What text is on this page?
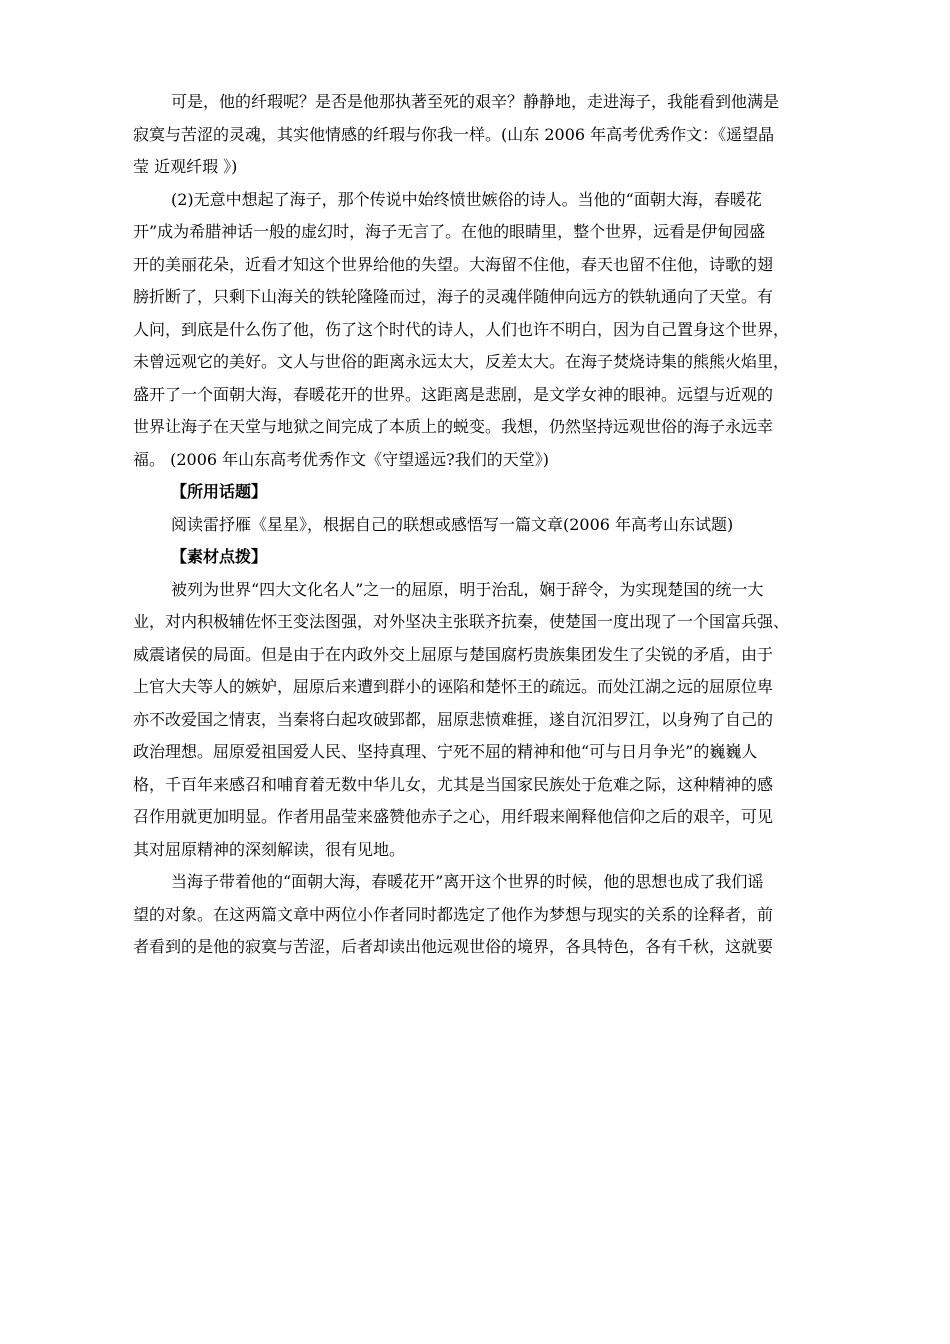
可是，他的纤瑕呢？是否是他那执著至死的艰辛？静静地，走进海子，我能看到他满是
寂寞与苦涩的灵魂，其实他情感的纤瑕与你我一样。(山东 2006 年高考优秀作文：《遥望晶
莹 近观纤瑕 》)
(2)无意中想起了海子，那个传说中始终愤世嫉俗的诗人。当他的“面朝大海，春暖花
开”成为希腊神话一般的虚幻时，海子无言了。在他的眼睛里，整个世界，远看是伊甸园盛
开的美丽花朵，近看才知这个世界给他的失望。大海留不住他，春天也留不住他，诗歌的翅
膀折断了，只剩下山海关的铁轮隆隆而过，海子的灵魂伴随伸向远方的铁轨通向了天堂。有
人问，到底是什么伤了他，伤了这个时代的诗人，人们也许不明白，因为自己置身这个世界，
未曾远观它的美好。文人与世俗的距离永远太大，反差太大。在海子焚烧诗集的熊熊火焰里，
盛开了一个面朝大海，春暖花开的世界。这距离是悲剧，是文学女神的眼神。远望与近观的
世界让海子在天堂与地狱之间完成了本质上的蜕变。我想，仍然坚持远观世俗的海子永远幸
福。 (2006 年山东高考优秀作文《守望遥远?我们的天堂》)
【所用话题】
阅读雷抒雁《星星》，根据自己的联想或感悟写一篇文章(2006 年高考山东试题)
【素材点拨】
被列为世界“四大文化名人”之一的屈原，明于治乱，娴于辞令，为实现楚国的统一大
业，对内积极辅佐怀王变法图强，对外坚决主张联齐抗秦，使楚国一度出现了一个国富兵强、
威震诸侯的局面。但是由于在内政外交上屈原与楚国腐朽贵族集团发生了尖锐的矛盾，由于
上官大夫等人的嫉妒，屈原后来遭到群小的诬陷和楚怀王的疏远。而处江湖之远的屈原位卑
亦不改爱国之情衷，当秦将白起攻破郢都，屈原悲愤难捱，遂自沉汨罗江，以身殉了自己的
政治理想。屈原爱祖国爱人民、坚持真理、宁死不屈的精神和他“可与日月争光”的巍巍人
格，千百年来感召和哺育着无数中华儿女，尤其是当国家民族处于危难之际，这种精神的感
召作用就更加明显。作者用晶莹来盛赞他赤子之心，用纤瑕来阐释他信仰之后的艰辛，可见
其对屈原精神的深刻解读，很有见地。
当海子带着他的“面朝大海，春暖花开”离开这个世界的时候，他的思想也成了我们谣
望的对象。在这两篇文章中两位小作者同时都选定了他作为梦想与现实的关系的诠释者，前
者看到的是他的寂寞与苦涩，后者却读出他远观世俗的境界，各具特色，各有千秋，这就要
